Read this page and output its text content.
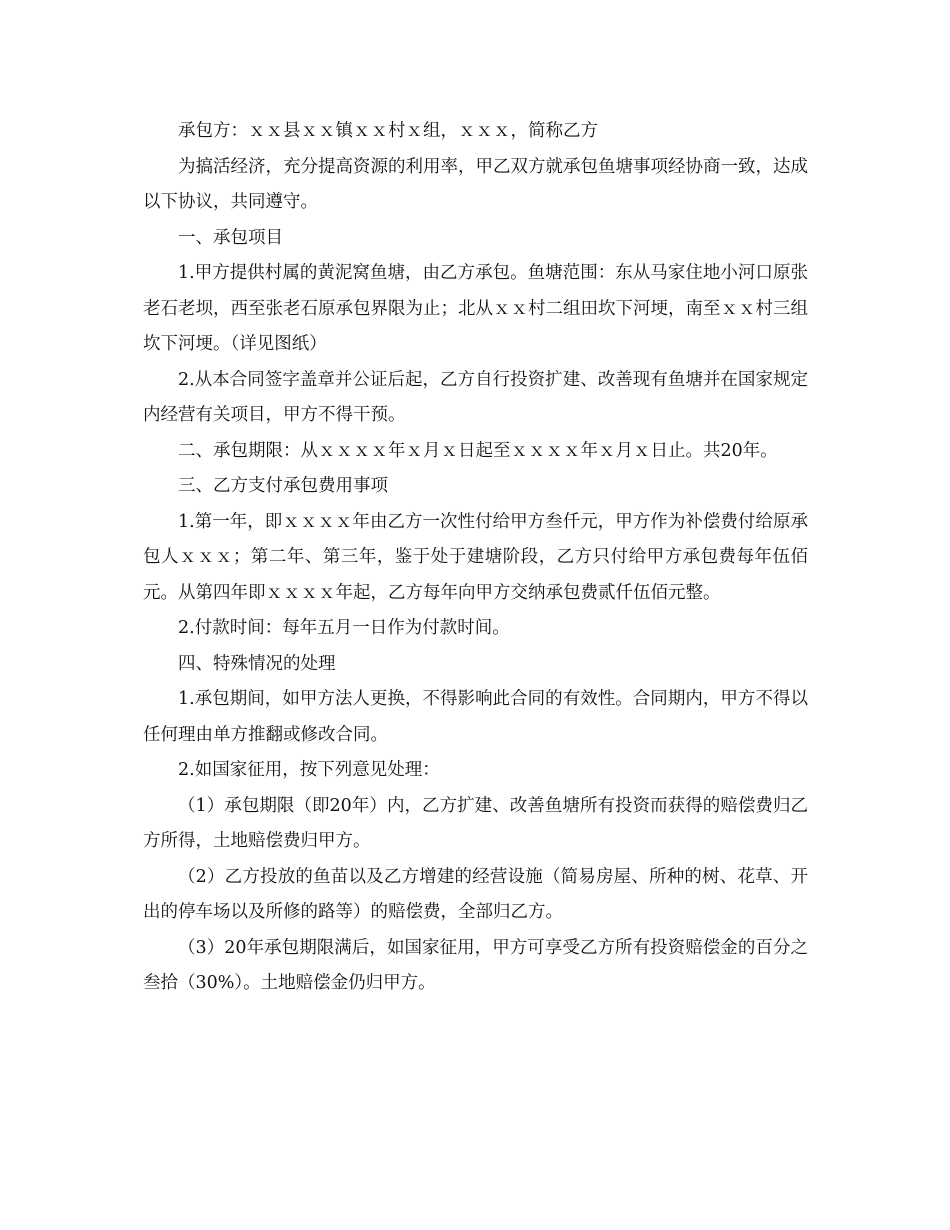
承包方：ｘｘ县ｘｘ镇ｘｘ村ｘ组，ｘｘｘ，简称乙方

为搞活经济，充分提高资源的利用率，甲乙双方就承包鱼塘事项经协商一致，达成以下协议，共同遵守。

一、承包项目

1.甲方提供村属的黄泥窝鱼塘，由乙方承包。鱼塘范围：东从马家住地小河口原张老石老坝，西至张老石原承包界限为止；北从ｘｘ村二组田坎下河埂，南至ｘｘ村三组坎下河埂。（详见图纸）

2.从本合同签字盖章并公证后起，乙方自行投资扩建、改善现有鱼塘并在国家规定内经营有关项目，甲方不得干预。

二、承包期限：从ｘｘｘｘ年ｘ月ｘ日起至ｘｘｘｘ年ｘ月ｘ日止。共20年。

三、乙方支付承包费用事项

1.第一年，即ｘｘｘｘ年由乙方一次性付给甲方叁仟元，甲方作为补偿费付给原承包人ｘｘｘ；第二年、第三年，鉴于处于建塘阶段，乙方只付给甲方承包费每年伍佰元。从第四年即ｘｘｘｘ年起，乙方每年向甲方交纳承包费贰仟伍佰元整。

2.付款时间：每年五月一日作为付款时间。

四、特殊情况的处理

1.承包期间，如甲方法人更换，不得影响此合同的有效性。合同期内，甲方不得以任何理由单方推翻或修改合同。

2.如国家征用，按下列意见处理：

（1）承包期限（即20年）内，乙方扩建、改善鱼塘所有投资而获得的赔偿费归乙方所得，土地赔偿费归甲方。

（2）乙方投放的鱼苗以及乙方增建的经营设施（简易房屋、所种的树、花草、开出的停车场以及所修的路等）的赔偿费，全部归乙方。

（3）20年承包期限满后，如国家征用，甲方可享受乙方所有投资赔偿金的百分之叁拾（30%）。土地赔偿金仍归甲方。
